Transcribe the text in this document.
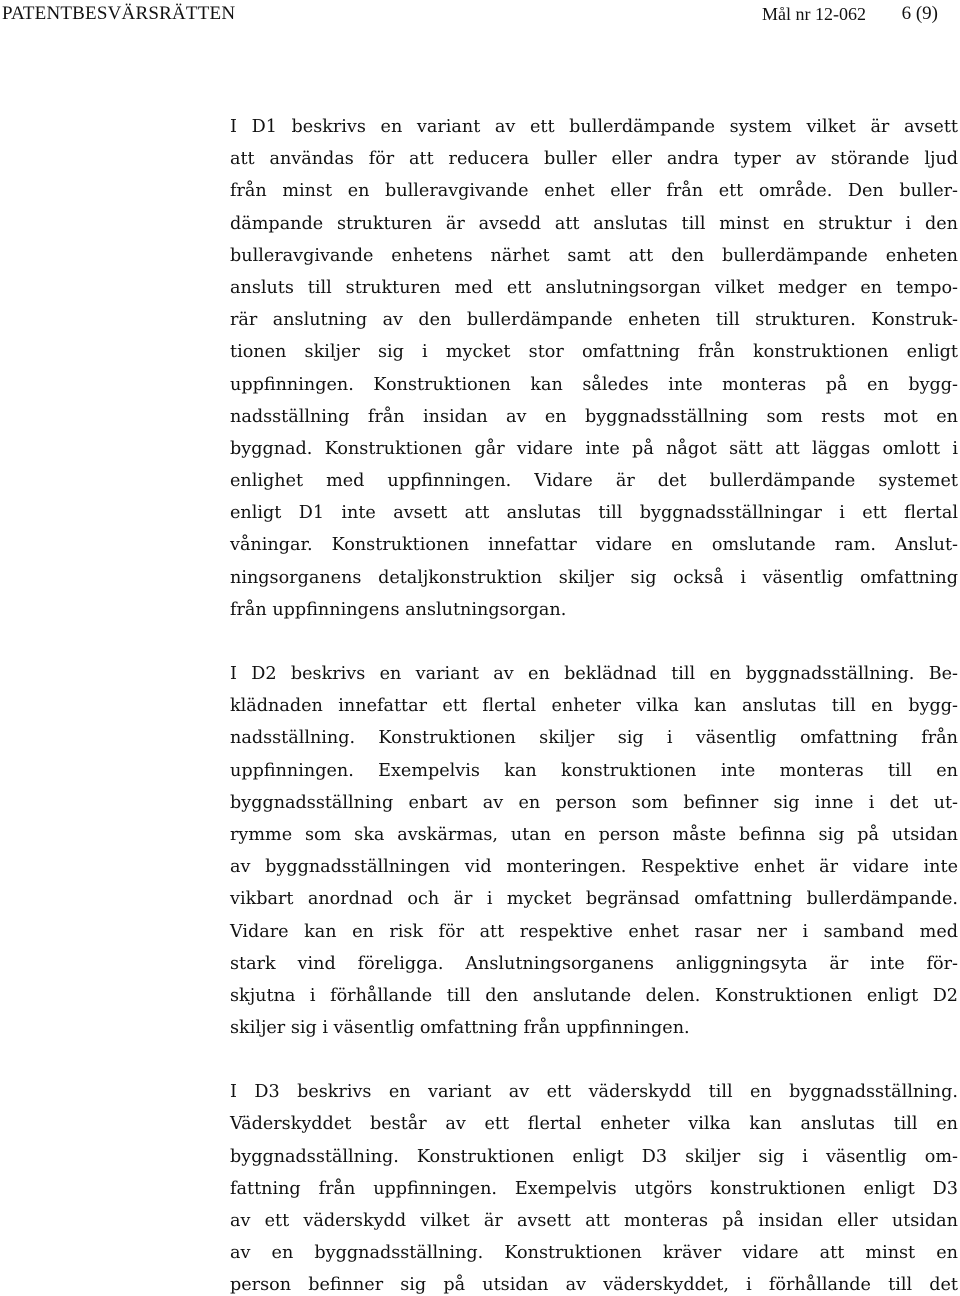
PATENTBESVÄRSRÄTTEN	Mål nr 12-062 6 (9)
I D1 beskrivs en variant av ett bullerdämpande system vilket är avsett
att användas för att reducera buller eller andra typer av störande ljud
från minst en bulleravgivande enhet eller från ett område. Den buller-
dämpande strukturen är avsedd att anslutas till minst en struktur i den
bulleravgivande enhetens närhet samt att den bullerdämpande enheten
ansluts till strukturen med ett anslutningsorgan vilket medger en tempo-
rär anslutning av den bullerdämpande enheten till strukturen. Konstruk-
tionen skiljer sig i mycket stor omfattning från konstruktionen enligt
uppfinningen. Konstruktionen kan således inte monteras på en bygg-
nadsställning från insidan av en byggnadsställning som rests mot en
byggnad. Konstruktionen går vidare inte på något sätt att läggas omlott i
enlighet med uppfinningen. Vidare är det bullerdämpande systemet
enligt D1 inte avsett att anslutas till byggnadsställningar i ett flertal
våningar. Konstruktionen innefattar vidare en omslutande ram. Anslut-
ningsorganens detaljkonstruktion skiljer sig också i väsentlig omfattning
från uppfinningens anslutningsorgan.
I D2 beskrivs en variant av en beklädnad till en byggnadsställning. Be-
klädnaden innefattar ett flertal enheter vilka kan anslutas till en bygg-
nadsställning. Konstruktionen skiljer sig i väsentlig omfattning från
uppfinningen. Exempelvis kan konstruktionen inte monteras till en
byggnadsställning enbart av en person som befinner sig inne i det ut-
rymme som ska avskärmas, utan en person måste befinna sig på utsidan
av byggnadsställningen vid monteringen. Respektive enhet är vidare inte
vikbart anordnad och är i mycket begränsad omfattning bullerdämpande.
Vidare kan en risk för att respektive enhet rasar ner i samband med
stark vind föreligga. Anslutningsorganens anliggningsyta är inte för-
skjutna i förhållande till den anslutande delen. Konstruktionen enligt D2
skiljer sig i väsentlig omfattning från uppfinningen.
I D3 beskrivs en variant av ett väderskydd till en byggnadsställning.
Väderskyddet består av ett flertal enheter vilka kan anslutas till en
byggnadsställning. Konstruktionen enligt D3 skiljer sig i väsentlig om-
fattning från uppfinningen. Exempelvis utgörs konstruktionen enligt D3
av ett väderskydd vilket är avsett att monteras på insidan eller utsidan
av en byggnadsställning. Konstruktionen kräver vidare att minst en
person befinner sig på utsidan av väderskyddet, i förhållande till det
